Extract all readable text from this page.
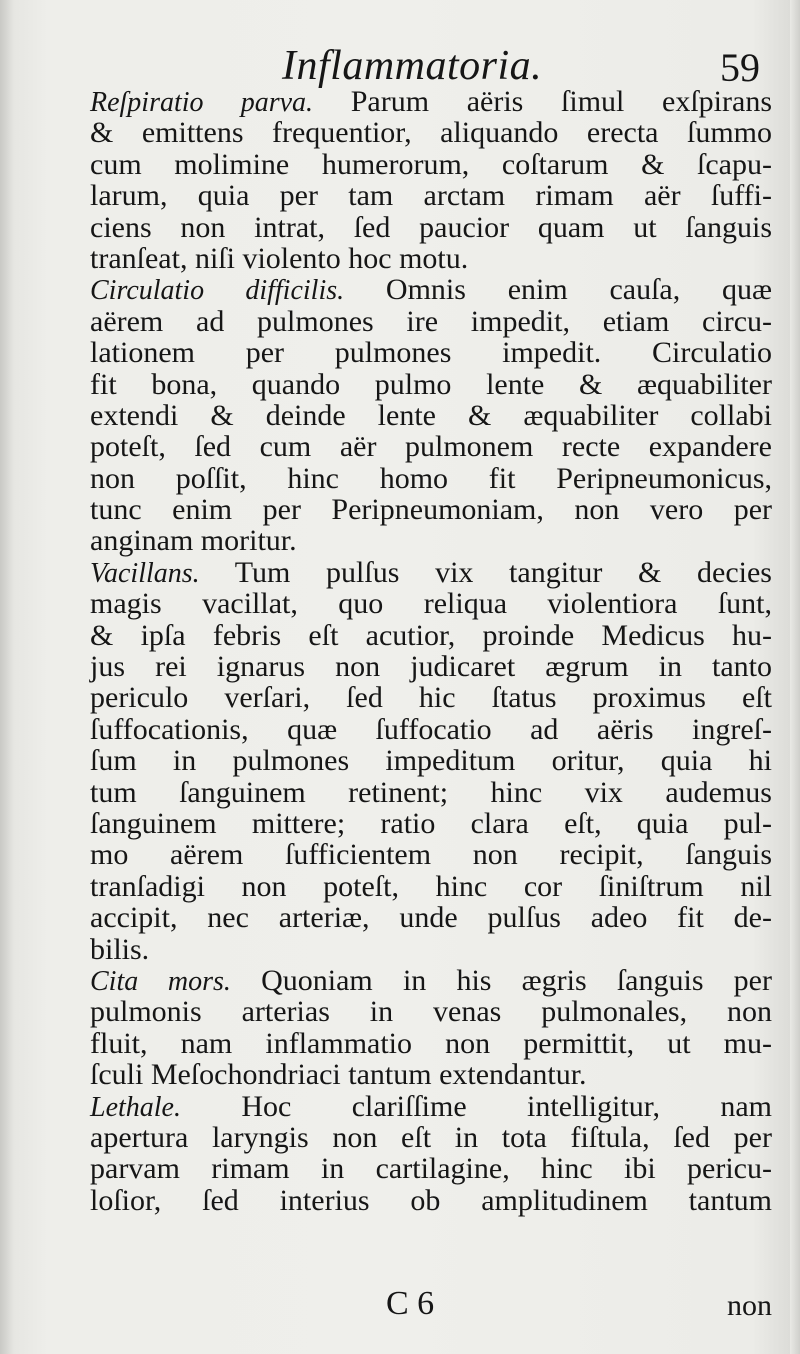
Inflammatoria.	59
Reſpiratio parva. Parum aëris ſimul exſpirans
& emittens frequentior, aliquando erecta ſummo
cum molimine humerorum, coſtarum & ſcapu-
larum, quia per tam arctam rimam aër ſuffi-
ciens non intrat, ſed paucior quam ut ſanguis
tranſeat, niſi violento hoc motu.
Circulatio difficilis. Omnis enim cauſa, quæ
aërem ad pulmones ire impedit, etiam circu-
lationem per pulmones impedit. Circulatio
fit bona, quando pulmo lente & æquabiliter
extendi & deinde lente & æquabiliter collabi
poteſt, ſed cum aër pulmonem recte expandere
non poſſit, hinc homo fit Peripneumonicus,
tunc enim per Peripneumoniam, non vero per
anginam moritur.
Vacillans. Tum pulſus vix tangitur & decies
magis vacillat, quo reliqua violentiora ſunt,
& ipſa febris eſt acutior, proinde Medicus hu-
jus rei ignarus non judicaret ægrum in tanto
periculo verſari, ſed hic ſtatus proximus eſt
ſuffocationis, quæ ſuffocatio ad aëris ingreſ-
ſum in pulmones impeditum oritur, quia hi
tum ſanguinem retinent; hinc vix audemus
ſanguinem mittere; ratio clara eſt, quia pul-
mo aërem ſufficientem non recipit, ſanguis
tranſadigi non poteſt, hinc cor ſiniſtrum nil
accipit, nec arteriæ, unde pulſus adeo fit de-
bilis.
Cita mors. Quoniam in his ægris ſanguis per
pulmonis arterias in venas pulmonales, non
fluit, nam inflammatio non permittit, ut mu-
ſculi Meſochondriaci tantum extendantur.
Lethale. Hoc clariſſime intelligitur, nam
apertura laryngis non eſt in tota fiſtula, ſed per
parvam rimam in cartilagine, hinc ibi pericu-
loſior, ſed interius ob amplitudinem tantum
C 6	non
